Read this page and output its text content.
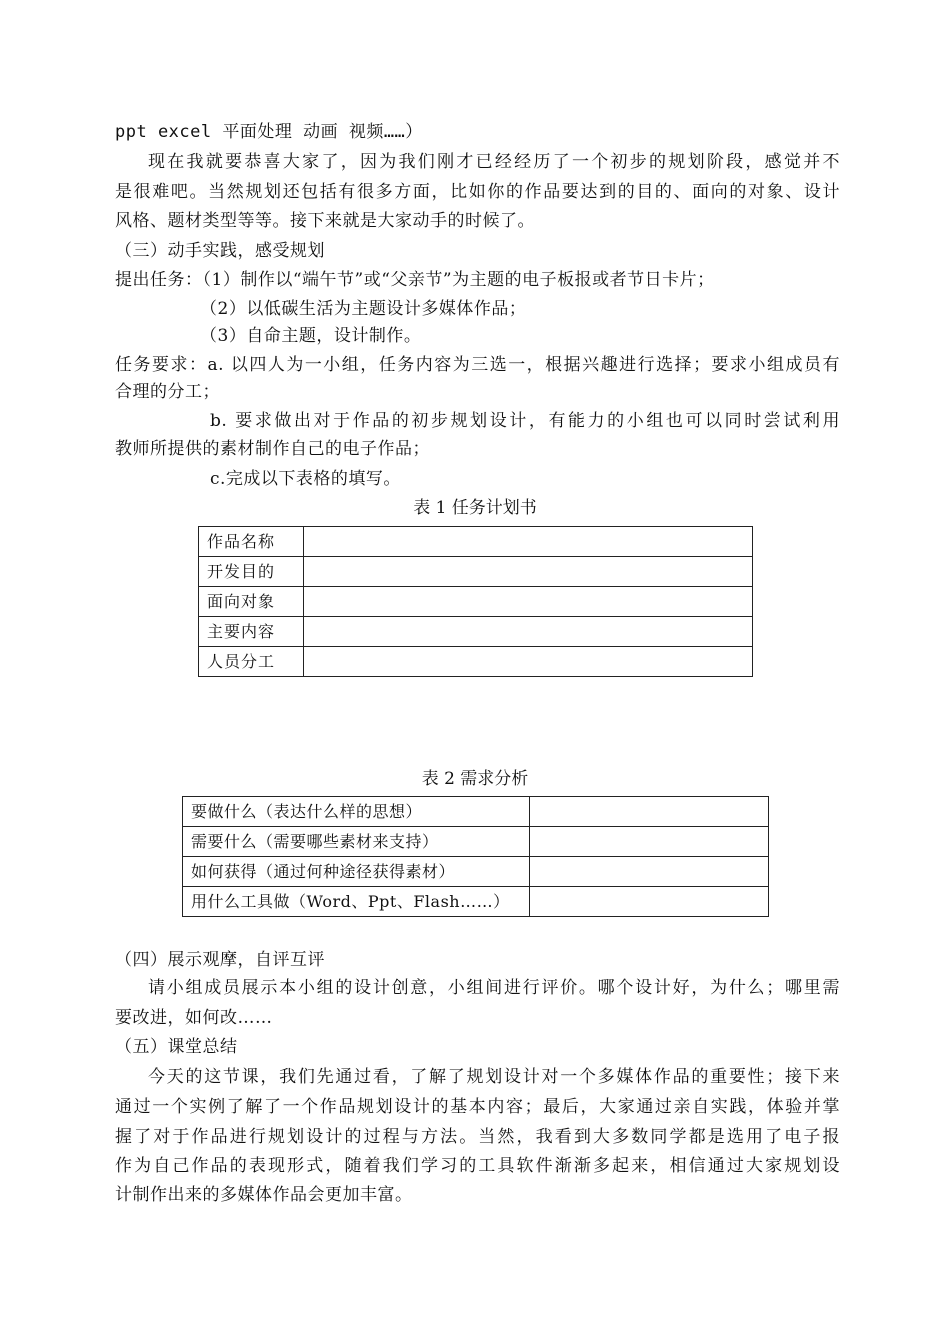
ppt excel 平面处理 动画 视频……）
现在我就要恭喜大家了，因为我们刚才已经经历了一个初步的规划阶段，感觉并不
是很难吧。当然规划还包括有很多方面，比如你的作品要达到的目的、面向的对象、设计
风格、题材类型等等。接下来就是大家动手的时候了。
（三）动手实践，感受规划
提出任务：（1）制作以“端午节”或“父亲节”为主题的电子板报或者节日卡片；
（2）以低碳生活为主题设计多媒体作品；
（3）自命主题，设计制作。
任务要求：a. 以四人为一小组，任务内容为三选一，根据兴趣进行选择；要求小组成员有
合理的分工；
b. 要求做出对于作品的初步规划设计，有能力的小组也可以同时尝试利用
教师所提供的素材制作自己的电子作品；
c.完成以下表格的填写。
表 1 任务计划书
作品名称	
开发目的	
面向对象	
主要内容	
人员分工	
表 2 需求分析
要做什么（表达什么样的思想）	
需要什么（需要哪些素材来支持）	
如何获得（通过何种途径获得素材）	
用什么工具做（Word、Ppt、Flash……）	
（四）展示观摩，自评互评
请小组成员展示本小组的设计创意，小组间进行评价。哪个设计好，为什么；哪里需
要改进，如何改……
（五）课堂总结
今天的这节课，我们先通过看，了解了规划设计对一个多媒体作品的重要性；接下来
通过一个实例了解了一个作品规划设计的基本内容；最后，大家通过亲自实践，体验并掌
握了对于作品进行规划设计的过程与方法。当然，我看到大多数同学都是选用了电子报
作为自己作品的表现形式，随着我们学习的工具软件渐渐多起来，相信通过大家规划设
计制作出来的多媒体作品会更加丰富。
